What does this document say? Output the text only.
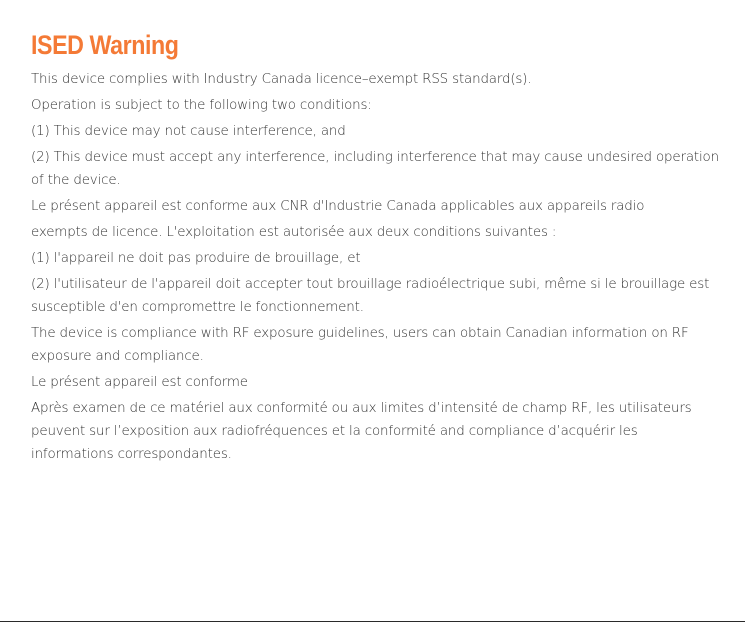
ISED Warning

This device complies with Industry Canada licence–exempt RSS standard(s).

Operation is subject to the following two conditions:

(1) This device may not cause interference, and

(2) This device must accept any interference, including interference that may cause undesired operation of the device.

Le présent appareil est conforme aux CNR d'Industrie Canada applicables aux appareils radio

exempts de licence. L'exploitation est autorisée aux deux conditions suivantes :

(1) l'appareil ne doit pas produire de brouillage, et

(2) l'utilisateur de l'appareil doit accepter tout brouillage radioélectrique subi, même si le brouillage est susceptible d'en compromettre le fonctionnement.

The device is compliance with RF exposure guidelines, users can obtain Canadian information on RF exposure and compliance.

Le présent appareil est conforme

Après examen de ce matériel aux conformité ou aux limites d’intensité de champ RF, les utilisateurs peuvent sur l’exposition aux radiofréquences et la conformité and compliance d’acquérir les informations correspondantes.
